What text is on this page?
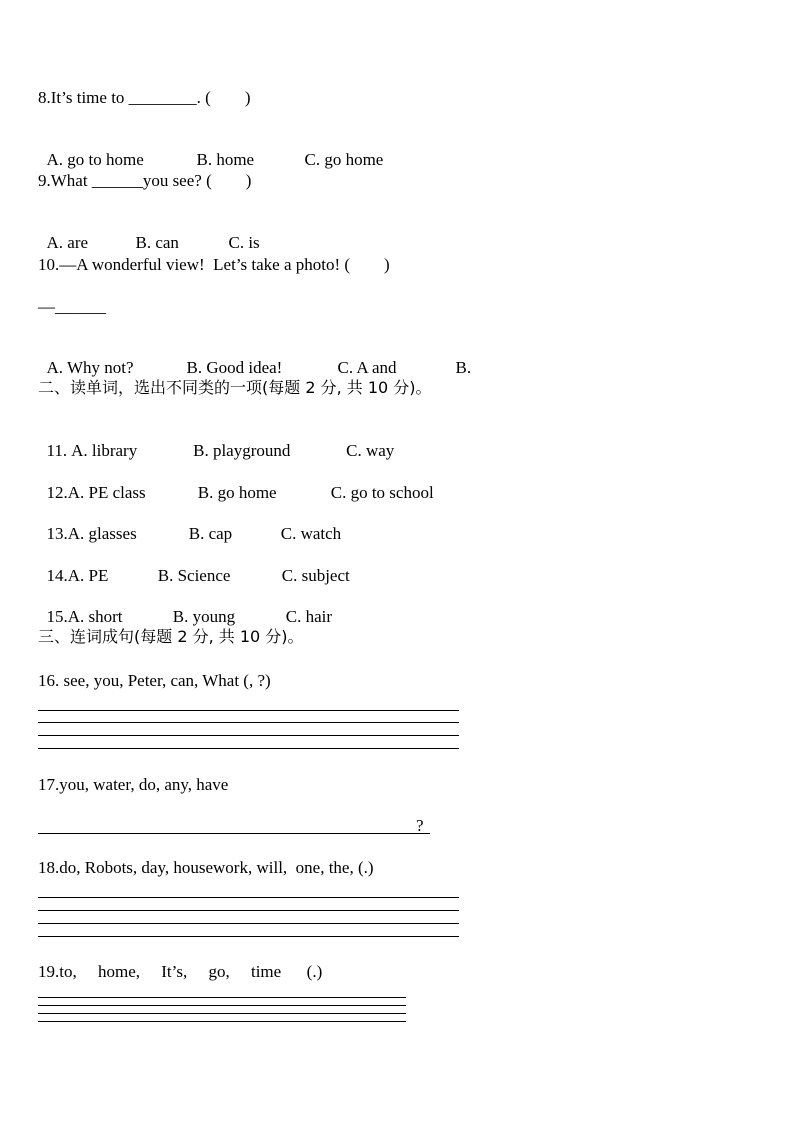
8.It’s time to ________. (　　)

A. go to home	B. home	C. go home

9.What ______you see? (　　)

A. are	B. can	C. is

10.—A wonderful view!  Let’s take a photo! (　　)
—______

A. Why not?	B. Good idea!	C. A and	B.

二、读单词，选出不同类的一项(每题 2 分, 共 10 分)。

11. A. library	B. playground	C. way

12.A. PE class	B. go home	C. go to school

13.A. glasses	B. cap	C. watch

14.A. PE	B. Science	C. subject

15.A. short	B. young	C. hair

三、连词成句(每题 2 分, 共 10 分)。
16. see, you, Peter, can, What (, ?)
17.you, water, do, any, have
?
18.do, Robots, day, housework, will,  one, the, (.)
19.to,     home,     It’s,     go,     time      (.)
